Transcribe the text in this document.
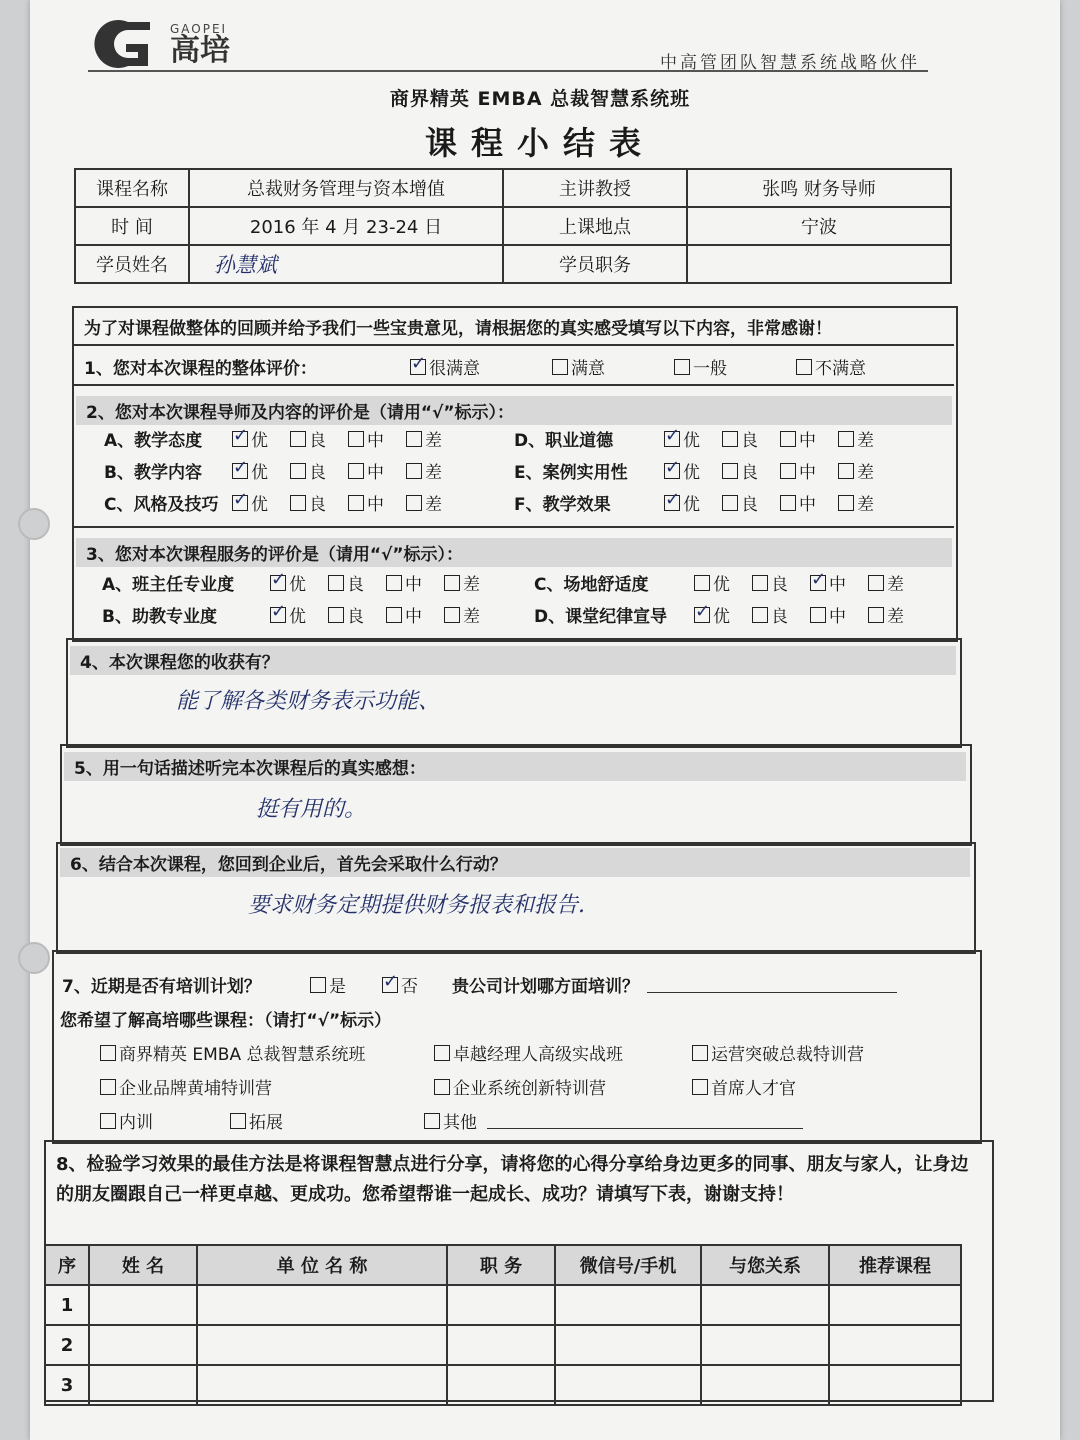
GAOPEI
高培	中高管团队智慧系统战略伙伴
商界精英 EMBA 总裁智慧系统班
课程小结表
课程名称	总裁财务管理与资本增值	主讲教授	张鸣 财务导师
时 间	2016 年 4 月 23-24 日	上课地点	宁波
学员姓名	孙慧斌	学员职务	
为了对课程做整体的回顾并给予我们一些宝贵意见，请根据您的真实感受填写以下内容，非常感谢！
1、您对本次课程的整体评价： ✓	很满意	满意	一般	不满意
2、您对本次课程导师及内容的评价是（请用“√”标示）：
A、教学态度 ✓	优 良 中 差
B、教学内容 ✓	优 良 中 差
C、风格及技巧 ✓	优 良 中 差
D、职业道德 ✓	优 良 中 差
E、案例实用性 ✓	优 良 中 差
F、教学效果 ✓	优 良 中 差
3、您对本次课程服务的评价是（请用“√”标示）：
A、班主任专业度 ✓	优 良 中 差
B、助教专业度 ✓	优 良 中 差
C、场地舒适度	优 良 ✓ 中 差
D、课堂纪律宣导 ✓	优 良 中 差
4、本次课程您的收获有？
能了解各类财务表示功能、
5、用一句话描述听完本次课程后的真实感想：
挺有用的。
6、结合本次课程，您回到企业后，首先会采取什么行动？
要求财务定期提供财务报表和报告.
7、近期是否有培训计划？	是 ✓	否 贵公司计划哪方面培训？
您希望了解高培哪些课程：（请打“√”标示）
商界精英 EMBA 总裁智慧系统班	卓越经理人高级实战班	运营突破总裁特训营
企业品牌黄埔特训营	企业系统创新特训营	首席人才官
内训	拓展	其他
8、检验学习效果的最佳方法是将课程智慧点进行分享，请将您的心得分享给身边更多的同事、朋友与家人，让身边的朋友圈跟自己一样更卓越、更成功。您希望帮谁一起成长、成功？请填写下表，谢谢支持！
序	姓 名	单 位 名 称	职 务	微信号/手机	与您关系	推荐课程
1						
2						
3						
